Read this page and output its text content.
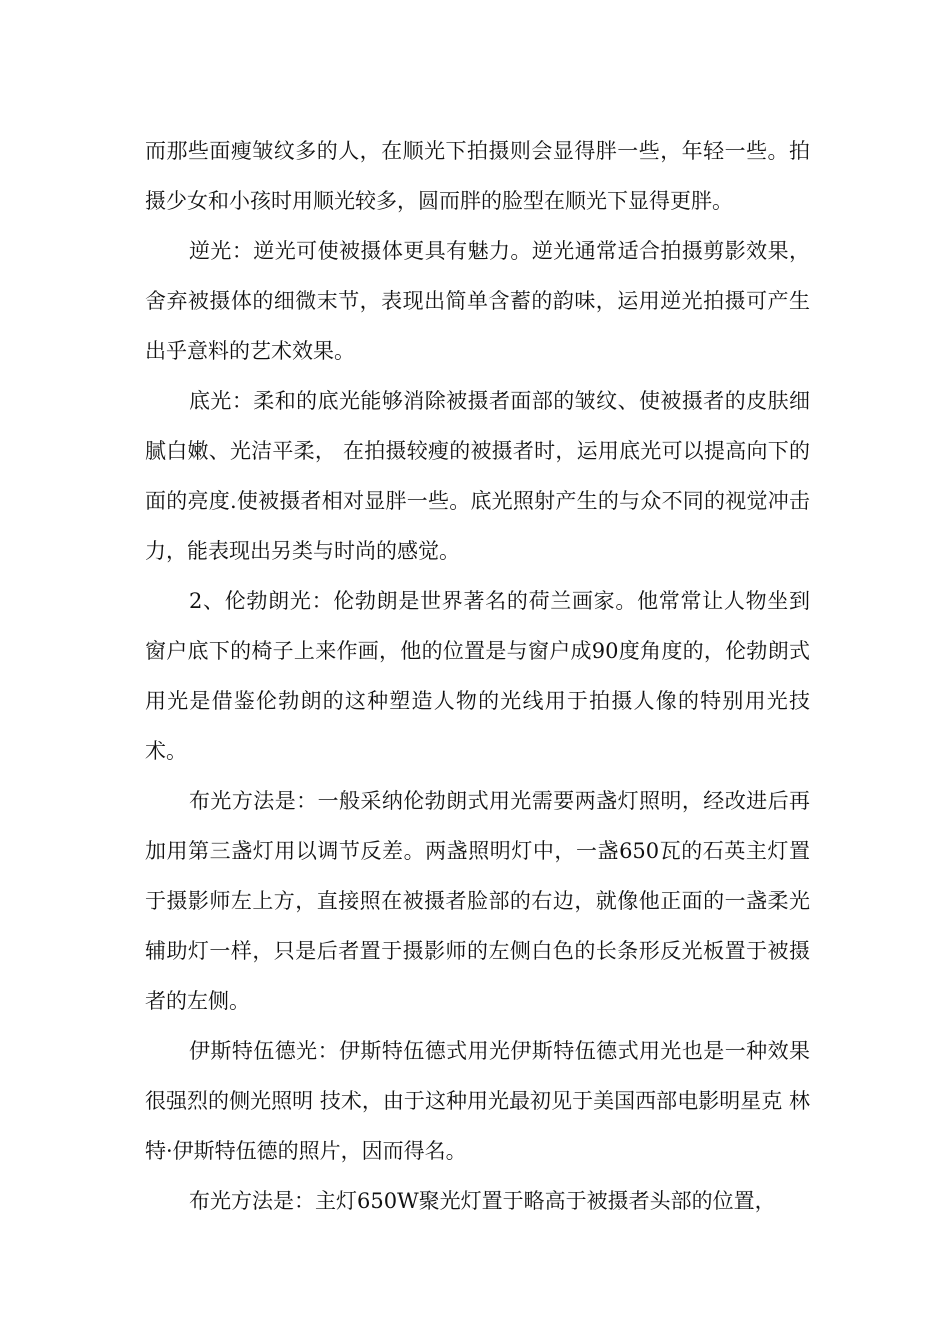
而那些面瘦皱纹多的人，在顺光下拍摄则会显得胖一些，年轻一些。拍摄少女和小孩时用顺光较多，圆而胖的脸型在顺光下显得更胖。

逆光：逆光可使被摄体更具有魅力。逆光通常适合拍摄剪影效果，舍弃被摄体的细微末节，表现出简单含蓄的韵味，运用逆光拍摄可产生出乎意料的艺术效果。

底光：柔和的底光能够消除被摄者面部的皱纹、使被摄者的皮肤细腻白嫩、光洁平柔， 在拍摄较瘦的被摄者时，运用底光可以提高向下的面的亮度.使被摄者相对显胖一些。底光照射产生的与众不同的视觉冲击力，能表现出另类与时尚的感觉。

2、伦勃朗光：伦勃朗是世界著名的荷兰画家。他常常让人物坐到窗户底下的椅子上来作画，他的位置是与窗户成90度角度的，伦勃朗式用光是借鉴伦勃朗的这种塑造人物的光线用于拍摄人像的特别用光技术。

布光方法是：一般采纳伦勃朗式用光需要两盏灯照明，经改进后再加用第三盏灯用以调节反差。两盏照明灯中，一盏650瓦的石英主灯置于摄影师左上方，直接照在被摄者脸部的右边，就像他正面的一盏柔光辅助灯一样，只是后者置于摄影师的左侧白色的长条形反光板置于被摄者的左侧。

伊斯特伍德光：伊斯特伍德式用光伊斯特伍德式用光也是一种效果很强烈的侧光照明 技术，由于这种用光最初见于美国西部电影明星克 林特·伊斯特伍德的照片，因而得名。

布光方法是：主灯650W聚光灯置于略高于被摄者头部的位置，
